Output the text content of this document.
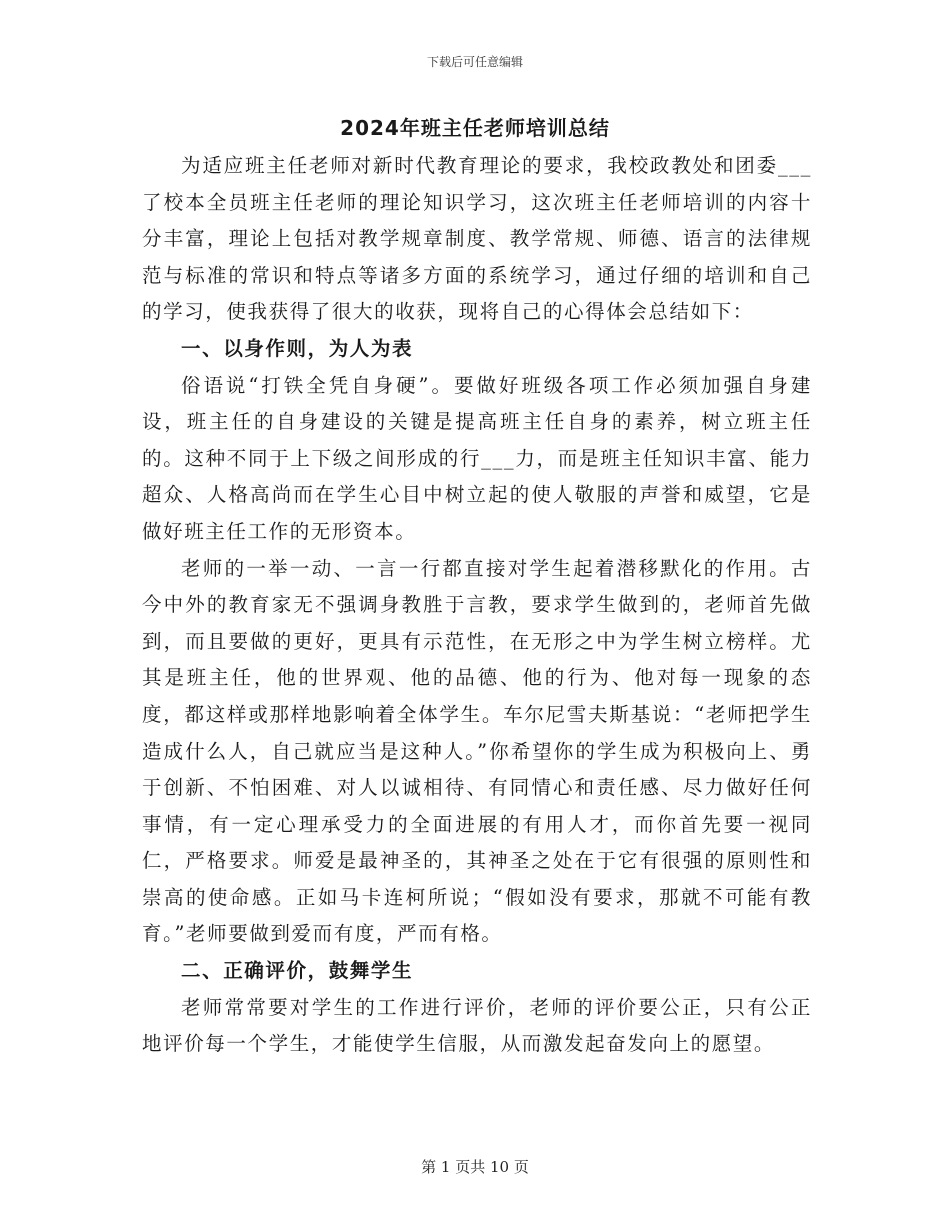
下载后可任意编辑
2024年班主任老师培训总结

为适应班主任老师对新时代教育理论的要求，我校政教处和团委___了校本全员班主任老师的理论知识学习，这次班主任老师培训的内容十分丰富，理论上包括对教学规章制度、教学常规、师德、语言的法律规范与标准的常识和特点等诸多方面的系统学习，通过仔细的培训和自己的学习，使我获得了很大的收获，现将自己的心得体会总结如下：

一、以身作则，为人为表

俗语说“打铁全凭自身硬”。要做好班级各项工作必须加强自身建设，班主任的自身建设的关键是提高班主任自身的素养，树立班主任的。这种不同于上下级之间形成的行___力，而是班主任知识丰富、能力超众、人格高尚而在学生心目中树立起的使人敬服的声誉和威望，它是做好班主任工作的无形资本。

老师的一举一动、一言一行都直接对学生起着潜移默化的作用。古今中外的教育家无不强调身教胜于言教，要求学生做到的，老师首先做到，而且要做的更好，更具有示范性，在无形之中为学生树立榜样。尤其是班主任，他的世界观、他的品德、他的行为、他对每一现象的态度，都这样或那样地影响着全体学生。车尔尼雪夫斯基说：“老师把学生造成什么人，自己就应当是这种人。”你希望你的学生成为积极向上、勇于创新、不怕困难、对人以诚相待、有同情心和责任感、尽力做好任何事情，有一定心理承受力的全面进展的有用人才，而你首先要一视同仁，严格要求。师爱是最神圣的，其神圣之处在于它有很强的原则性和崇高的使命感。正如马卡连柯所说；“假如没有要求，那就不可能有教育。”老师要做到爱而有度，严而有格。

二、正确评价，鼓舞学生

老师常常要对学生的工作进行评价，老师的评价要公正，只有公正地评价每一个学生，才能使学生信服，从而激发起奋发向上的愿望。

第 1 页共 10 页
